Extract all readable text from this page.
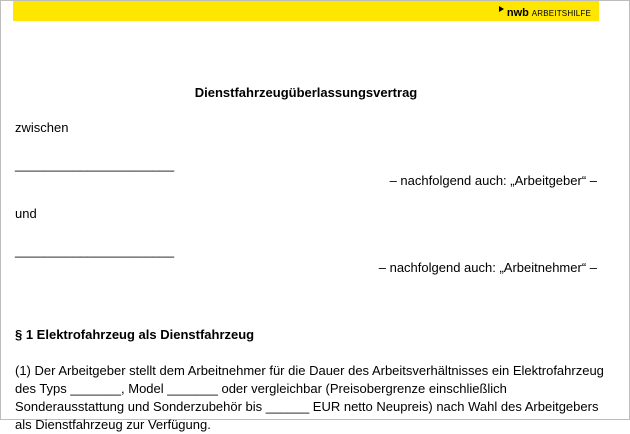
nwb ARBEITSHILFE
Dienstfahrzeugüberlassungsvertrag
zwischen
______________________
– nachfolgend auch: „Arbeitgeber“ –
und
______________________
– nachfolgend auch: „Arbeitnehmer“ –
§ 1 Elektrofahrzeug als Dienstfahrzeug
(1) Der Arbeitgeber stellt dem Arbeitnehmer für die Dauer des Arbeitsverhältnisses ein Elektrofahrzeug des Typs _______, Model _______ oder vergleichbar (Preisobergrenze einschließlich Sonderausstattung und Sonderzubehör bis ______ EUR netto Neupreis) nach Wahl des Arbeitgebers als Dienstfahrzeug zur Verfügung.
